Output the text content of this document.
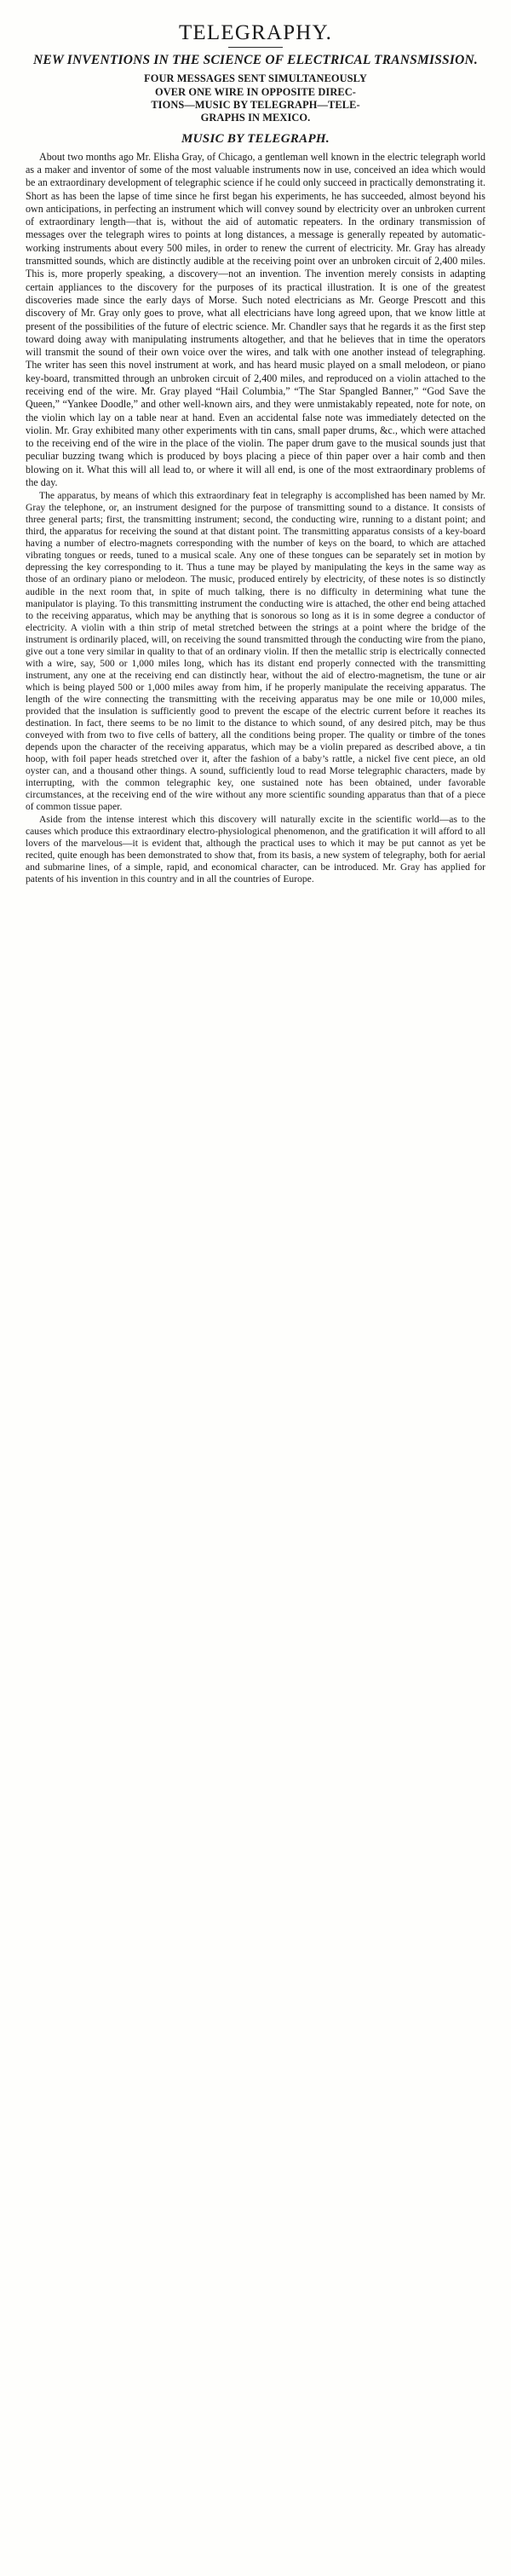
TELEGRAPHY.
NEW INVENTIONS IN THE SCIENCE OF ELECTRICAL TRANSMISSION.
FOUR MESSAGES SENT SIMULTANEOUSLY
OVER ONE WIRE IN OPPOSITE DIREC-
TIONS—MUSIC BY TELEGRAPH—TELE-
GRAPHS IN MEXICO.
MUSIC BY TELEGRAPH.

About two months ago Mr. Elisha Gray, of Chicago, a gentleman well known in the electric telegraph world as a maker and inventor of some of the most valuable instruments now in use, conceived an idea which would be an extraordinary development of telegraphic science if he could only succeed in practically demonstrating it. Short as has been the lapse of time since he first began his experiments, he has succeeded, almost beyond his own anticipations, in perfecting an instrument which will convey sound by electricity over an unbroken current of extraordinary length—that is, without the aid of automatic repeaters. In the ordinary transmission of messages over the telegraph wires to points at long distances, a message is generally repeated by automatic-working instruments about every 500 miles, in order to renew the current of electricity. Mr. Gray has already transmitted sounds, which are distinctly audible at the receiving point over an unbroken circuit of 2,400 miles. This is, more properly speaking, a discovery—not an invention. The invention merely consists in adapting certain appliances to the discovery for the purposes of its practical illustration. It is one of the greatest discoveries made since the early days of Morse. Such noted electricians as Mr. George Prescott and this discovery of Mr. Gray only goes to prove, what all electricians have long agreed upon, that we know little at present of the possibilities of the future of electric science. Mr. Chandler says that he regards it as the first step toward doing away with manipulating instruments altogether, and that he believes that in time the operators will transmit the sound of their own voice over the wires, and talk with one another instead of telegraphing. The writer has seen this novel instrument at work, and has heard music played on a small melodeon, or piano key-board, transmitted through an unbroken circuit of 2,400 miles, and reproduced on a violin attached to the receiving end of the wire. Mr. Gray played “Hail Columbia,” “The Star Spangled Banner,” “God Save the Queen,” “Yankee Doodle,” and other well-known airs, and they were unmistakably repeated, note for note, on the violin which lay on a table near at hand. Even an accidental false note was immediately detected on the violin. Mr. Gray exhibited many other experiments with tin cans, small paper drums, &c., which were attached to the receiving end of the wire in the place of the violin. The paper drum gave to the musical sounds just that peculiar buzzing twang which is produced by boys placing a piece of thin paper over a hair comb and then blowing on it. What this will all lead to, or where it will all end, is one of the most extraordinary problems of the day.

The apparatus, by means of which this extraordinary feat in telegraphy is accomplished has been named by Mr. Gray the telephone, or, an instrument designed for the purpose of transmitting sound to a distance. It consists of three general parts; first, the transmitting instrument; second, the conducting wire, running to a distant point; and third, the apparatus for receiving the sound at that distant point. The transmitting apparatus consists of a key-board having a number of electro-magnets corresponding with the number of keys on the board, to which are attached vibrating tongues or reeds, tuned to a musical scale. Any one of these tongues can be separately set in motion by depressing the key corresponding to it. Thus a tune may be played by manipulating the keys in the same way as those of an ordinary piano or melodeon. The music, produced entirely by electricity, of these notes is so distinctly audible in the next room that, in spite of much talking, there is no difficulty in determining what tune the manipulator is playing. To this transmitting instrument the conducting wire is attached, the other end being attached to the receiving apparatus, which may be anything that is sonorous so long as it is in some degree a conductor of electricity. A violin with a thin strip of metal stretched between the strings at a point where the bridge of the instrument is ordinarily placed, will, on receiving the sound transmitted through the conducting wire from the piano, give out a tone very similar in quality to that of an ordinary violin. If then the metallic strip is electrically connected with a wire, say, 500 or 1,000 miles long, which has its distant end properly connected with the transmitting instrument, any one at the receiving end can distinctly hear, without the aid of electro-magnetism, the tune or air which is being played 500 or 1,000 miles away from him, if he properly manipulate the receiving apparatus. The length of the wire connecting the transmitting with the receiving apparatus may be one mile or 10,000 miles, provided that the insulation is sufficiently good to prevent the escape of the electric current before it reaches its destination. In fact, there seems to be no limit to the distance to which sound, of any desired pitch, may be thus conveyed with from two to five cells of battery, all the conditions being proper. The quality or timbre of the tones depends upon the character of the receiving apparatus, which may be a violin prepared as described above, a tin hoop, with foil paper heads stretched over it, after the fashion of a baby’s rattle, a nickel five cent piece, an old oyster can, and a thousand other things. A sound, sufficiently loud to read Morse telegraphic characters, made by interrupting, with the common telegraphic key, one sustained note has been obtained, under favorable circumstances, at the receiving end of the wire without any more scientific sounding apparatus than that of a piece of common tissue paper.

Aside from the intense interest which this discovery will naturally excite in the scientific world—as to the causes which produce this extraordinary electro-physiological phenomenon, and the gratification it will afford to all lovers of the marvelous—it is evident that, although the practical uses to which it may be put cannot as yet be recited, quite enough has been demonstrated to show that, from its basis, a new system of telegraphy, both for aerial and submarine lines, of a simple, rapid, and economical character, can be introduced. Mr. Gray has applied for patents of his invention in this country and in all the countries of Europe.
